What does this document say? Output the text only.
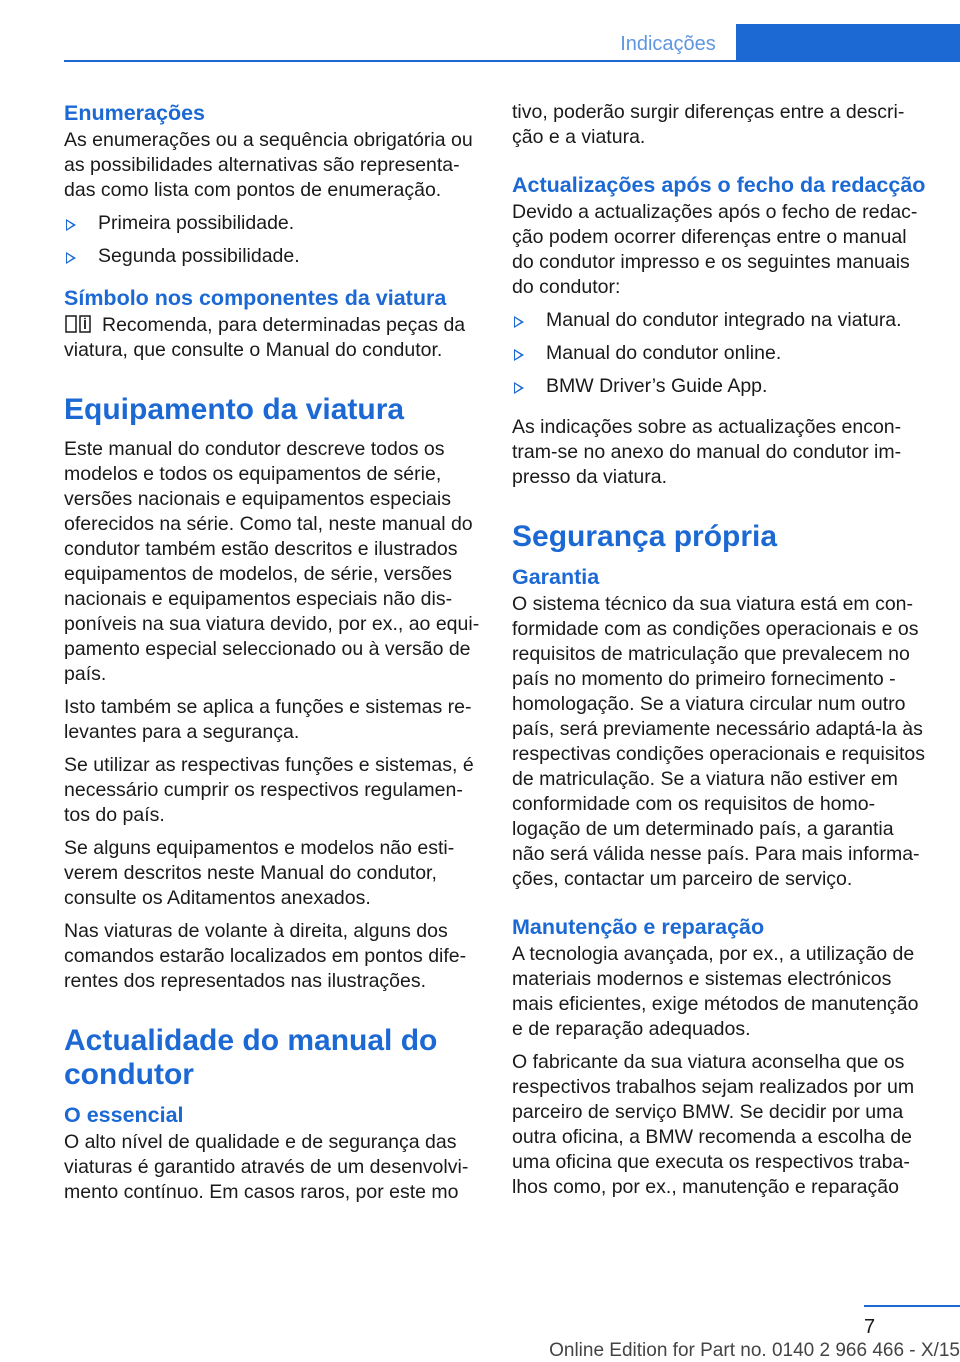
Indicações
Enumerações

As enumerações ou a sequência obrigatória ou as possibilidades alternativas são representadas como lista com pontos de enumeração.

Primeira possibilidade.
Segunda possibilidade.
Símbolo nos componentes da viatura

Recomenda, para determinadas peças da viatura, que consulte o Manual do condutor.

Equipamento da viatura

Este manual do condutor descreve todos os modelos e todos os equipamentos de série, versões nacionais e equipamentos especiais oferecidos na série. Como tal, neste manual do condutor também estão descritos e ilustrados equipamentos de modelos, de série, versões nacionais e equipamentos especiais não disponíveis na sua viatura devido, por ex., ao equipamento especial seleccionado ou à versão de país.

Isto também se aplica a funções e sistemas relevantes para a segurança.

Se utilizar as respectivas funções e sistemas, é necessário cumprir os respectivos regulamentos do país.

Se alguns equipamentos e modelos não estiverem descritos neste Manual do condutor, consulte os Aditamentos anexados.

Nas viaturas de volante à direita, alguns dos comandos estarão localizados em pontos diferentes dos representados nas ilustrações.

Actualidade do manual do condutor
O essencial

O alto nível de qualidade e de segurança das viaturas é garantido através de um desenvolvimento contínuo. Em casos raros, por este mo

tivo, poderão surgir diferenças entre a descrição e a viatura.

Actualizações após o fecho da redacção

Devido a actualizações após o fecho de redacção podem ocorrer diferenças entre o manual do condutor impresso e os seguintes manuais do condutor:

Manual do condutor integrado na viatura.
Manual do condutor online.
BMW Driver’s Guide App.

As indicações sobre as actualizações encontram-se no anexo do manual do condutor impresso da viatura.

Segurança própria
Garantia

O sistema técnico da sua viatura está em conformidade com as condições operacionais e os requisitos de matriculação que prevalecem no país no momento do primeiro fornecimento - homologação. Se a viatura circular num outro país, será previamente necessário adaptá-la às respectivas condições operacionais e requisitos de matriculação. Se a viatura não estiver em conformidade com os requisitos de homologação de um determinado país, a garantia não será válida nesse país. Para mais informações, contactar um parceiro de serviço.

Manutenção e reparação

A tecnologia avançada, por ex., a utilização de materiais modernos e sistemas electrónicos mais eficientes, exige métodos de manutenção e de reparação adequados.

O fabricante da sua viatura aconselha que os respectivos trabalhos sejam realizados por um parceiro de serviço BMW. Se decidir por uma outra oficina, a BMW recomenda a escolha de uma oficina que executa os respectivos trabalhos como, por ex., manutenção e reparação

7
Online Edition for Part no. 0140 2 966 466 - X/15
